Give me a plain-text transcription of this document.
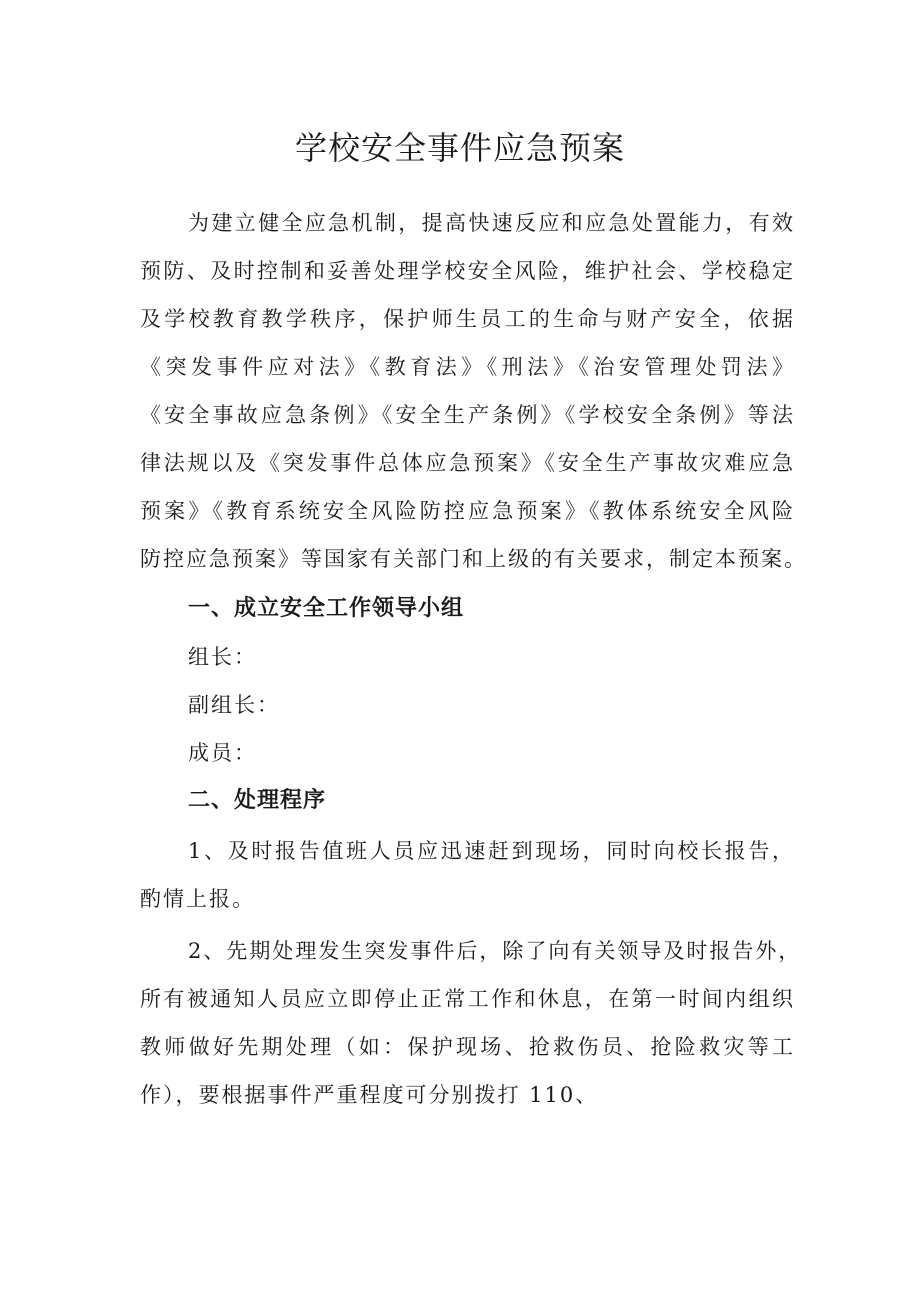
学校安全事件应急预案
为建立健全应急机制，提高快速反应和应急处置能力，有效
预防、及时控制和妥善处理学校安全风险，维护社会、学校稳定
及学校教育教学秩序，保护师生员工的生命与财产安全，依据
《突发事件应对法》《教育法》《刑法》《治安管理处罚法》
《安全事故应急条例》《安全生产条例》《学校安全条例》等法
律法规以及《突发事件总体应急预案》《安全生产事故灾难应急
预案》《教育系统安全风险防控应急预案》《教体系统安全风险
防控应急预案》等国家有关部门和上级的有关要求，制定本预案。
一、成立安全工作领导小组

组长：

副组长：

成员：

二、处理程序
1、及时报告值班人员应迅速赶到现场，同时向校长报告，
酌情上报。
2、先期处理发生突发事件后，除了向有关领导及时报告外，
所有被通知人员应立即停止正常工作和休息，在第一时间内组织
教师做好先期处理（如：保护现场、抢救伤员、抢险救灾等工
作），要根据事件严重程度可分别拨打 110、
